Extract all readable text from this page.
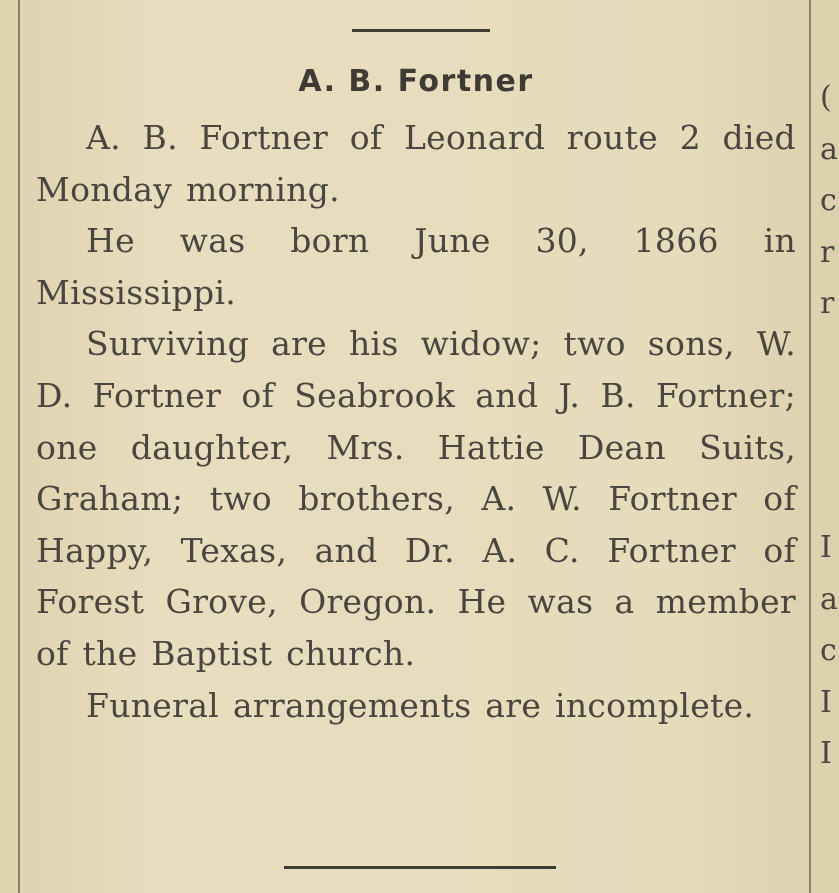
A. B. Fortner

A. B. Fortner of Leonard route 2 died Monday morning.

He was born June 30, 1866 in Mississippi.

Surviving are his widow; two sons, W. D. Fortner of Seabrook and J. B. Fortner; one daughter, Mrs. Hattie Dean Suits, Graham; two brothers, A. W. Fortner of Happy, Texas, and Dr. A. C. Fortner of Forest Grove, Oregon. He was a member of the Baptist church.

Funeral arrangements are incomplete.

(
a
c
r
r
I
a
c
I
I
